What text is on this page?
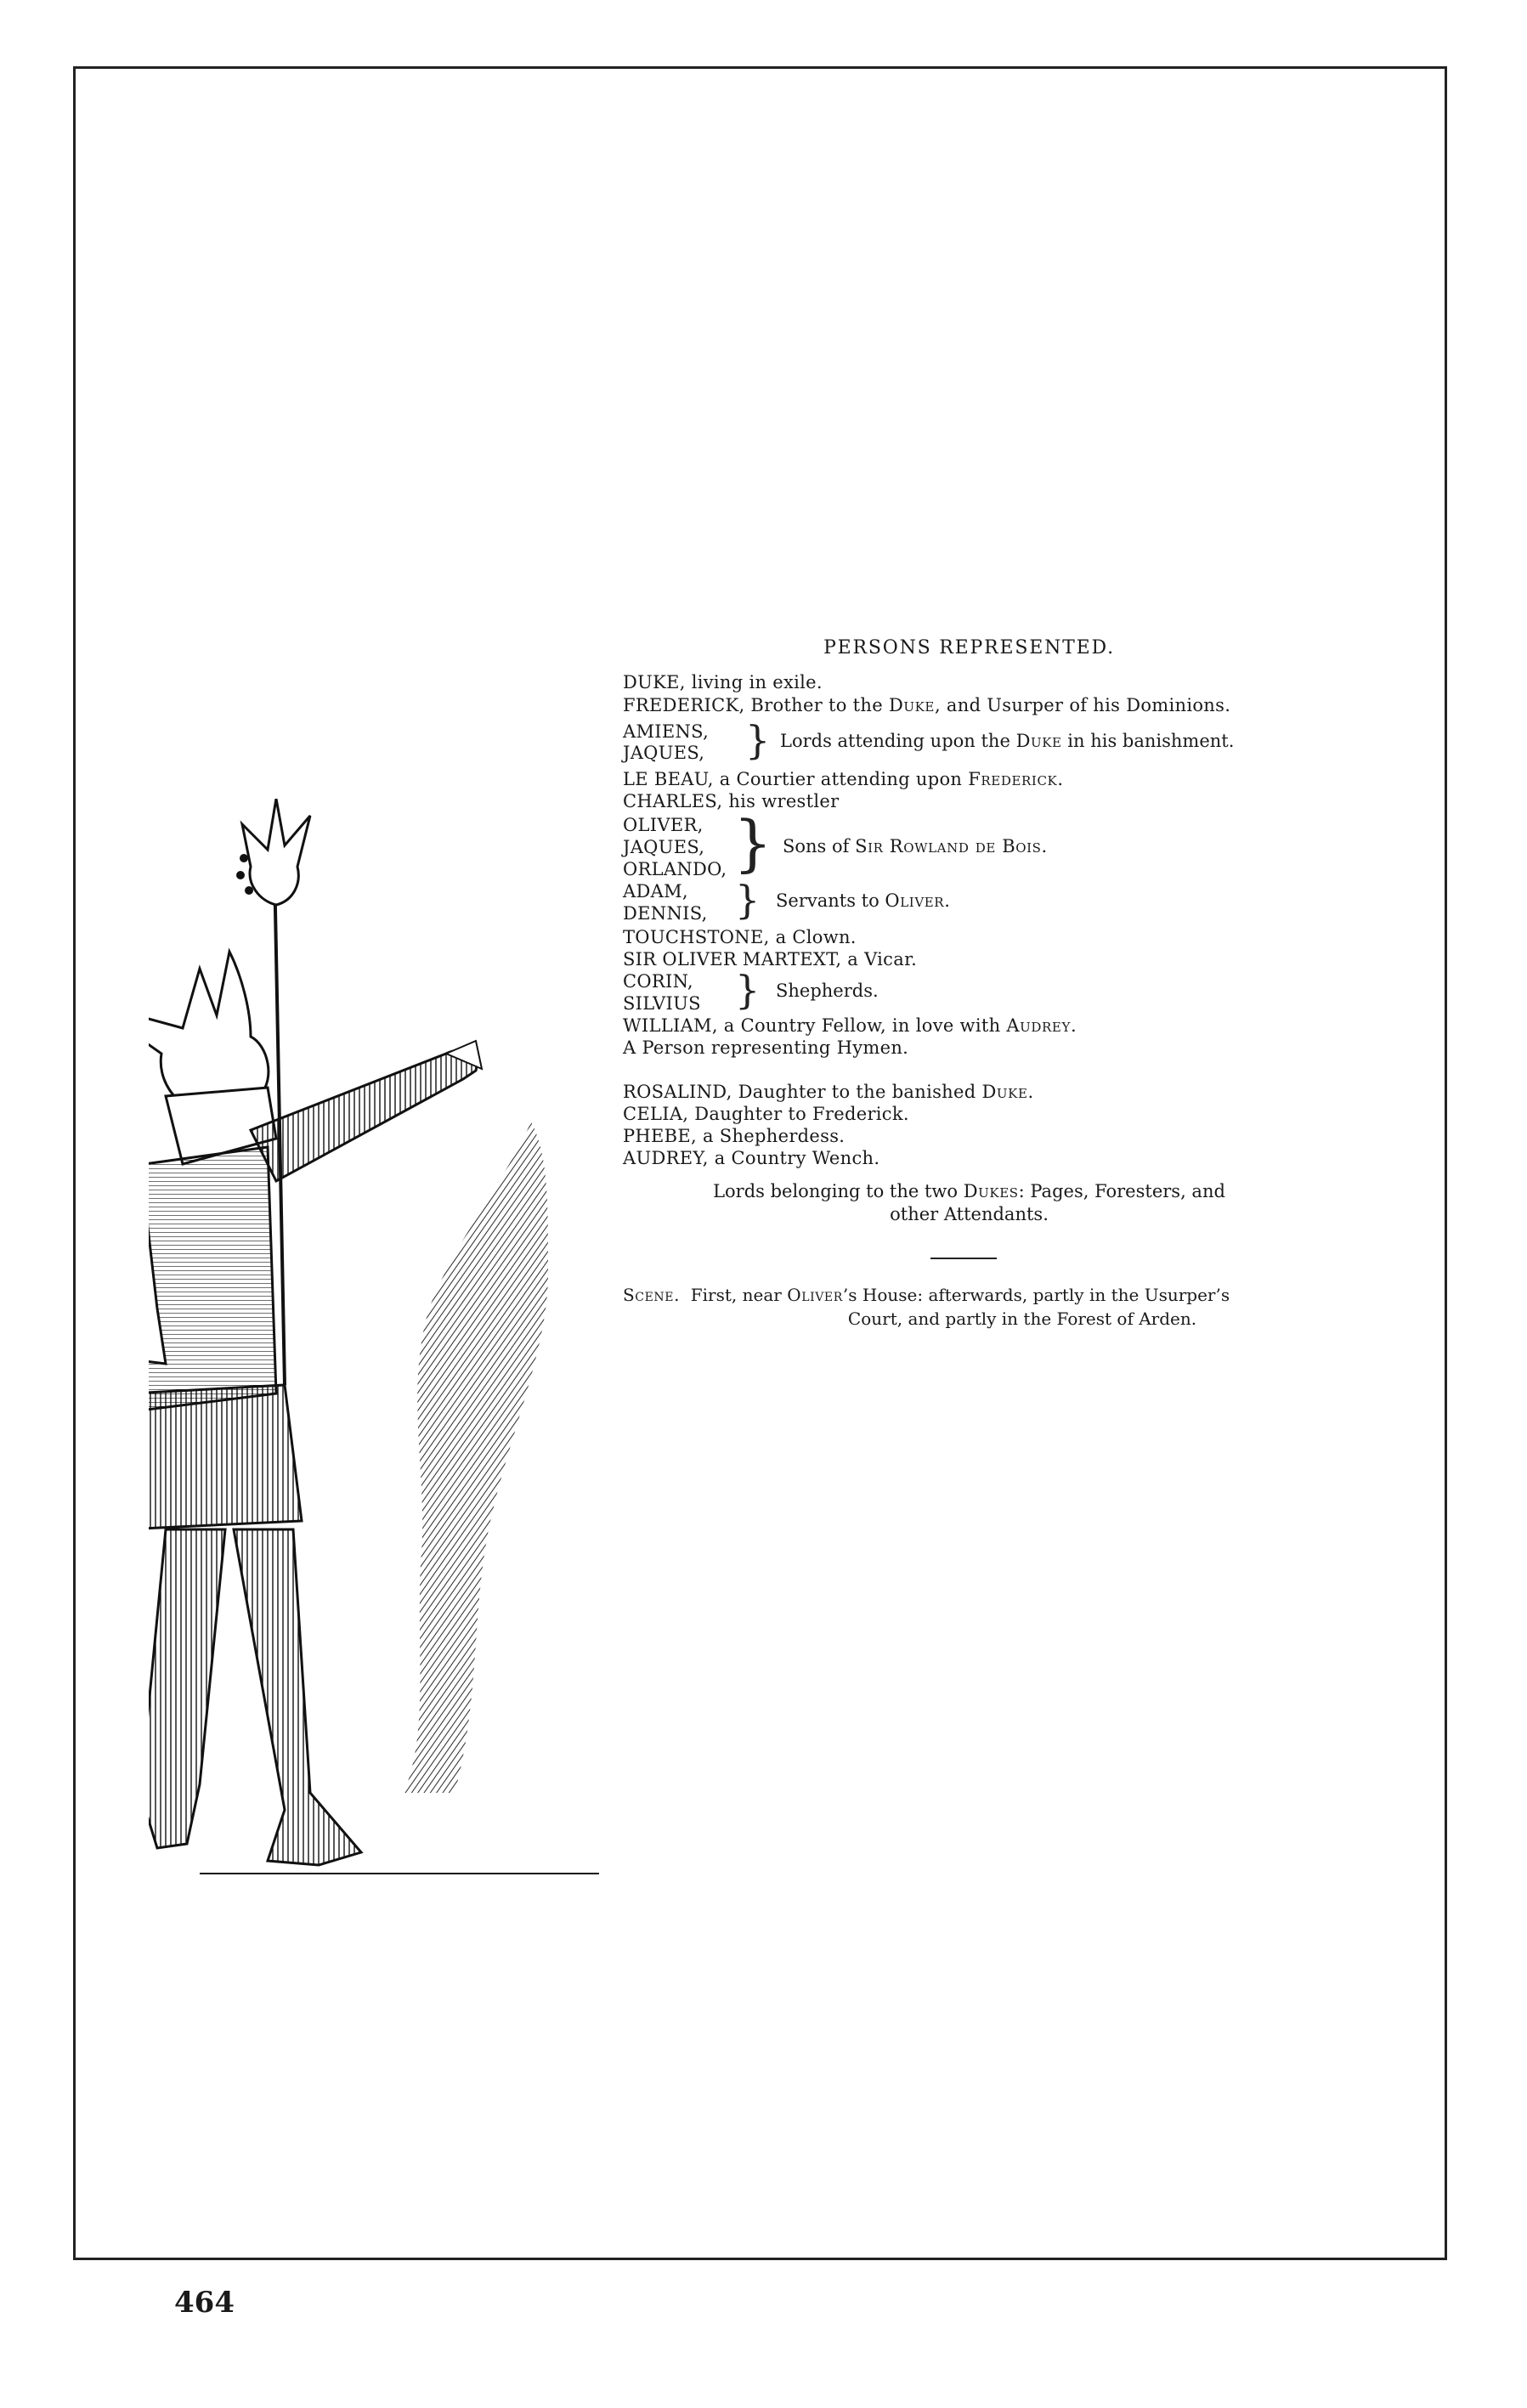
PERSONS REPRESENTED.
DUKE, living in exile.
FREDERICK, Brother to the Duke, and Usurper of his Dominions.
AMIENS,
JAQUES, } Lords attending upon the Duke in his banishment.
LE BEAU, a Courtier attending upon Frederick.
CHARLES, his wrestler
OLIVER,
JAQUES,
ORLANDO, } Sons of Sir Rowland de Bois.
ADAM,
DENNIS, } Servants to Oliver.
TOUCHSTONE, a Clown.
SIR OLIVER MARTEXT, a Vicar.
CORIN,
SILVIUS } Shepherds.
WILLIAM, a Country Fellow, in love with Audrey.
A Person representing Hymen.
ROSALIND, Daughter to the banished Duke.
CELIA, Daughter to Frederick.
PHEBE, a Shepherdess.
AUDREY, a Country Wench.
Lords belonging to the two Dukes: Pages, Foresters, and
other Attendants.
Scene. First, near Oliver’s House: afterwards, partly in the Usurper’s
Court, and partly in the Forest of Arden.
464
